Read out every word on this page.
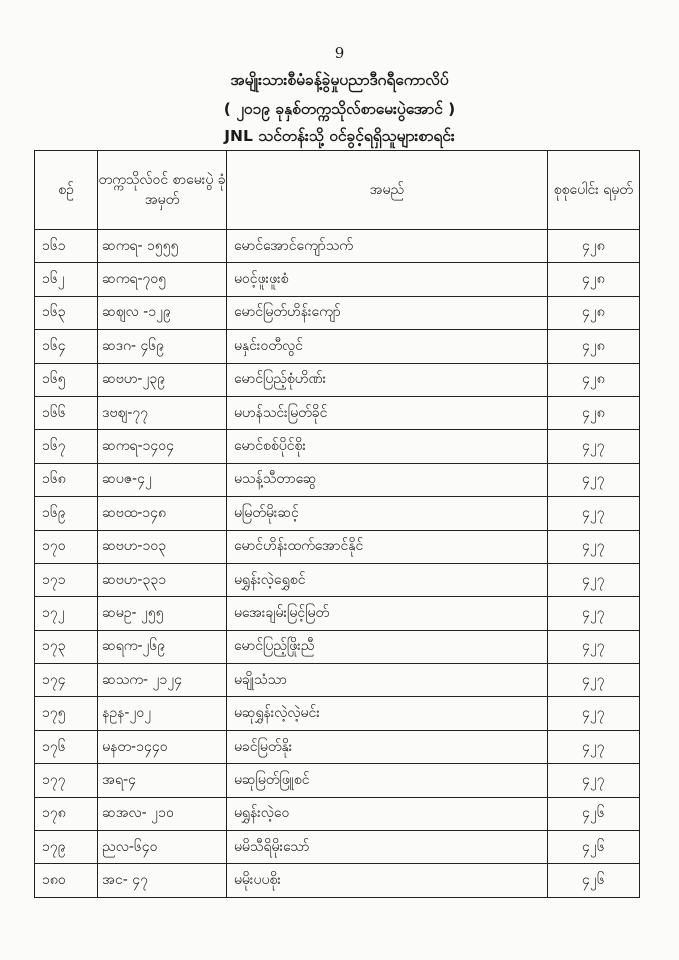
9
အမျိုးသားစီမံခန့်ခွဲမှုပညာဒီဂရီကောလိပ်
( ၂၀၁၉ ခုနှစ်တက္ကသိုလ်စာမေးပွဲအောင် )
JNL သင်တန်းသို့ ဝင်ခွင့်ရရှိသူများစာရင်း
စဉ်	တက္ကသိုလ်ဝင် စာမေးပွဲ ခုံအမှတ်	အမည်	စုစုပေါင်း ရမှတ်
၁၆၁	ဆကရ- ၁၅၅၅	မောင်အောင်ကျော်သက်	၄၂၈
၁၆၂	ဆကရ-၇၀၅	မဝင့်ဖူးဖူးစံ	၄၂၈
၁၆၃	ဆဈလ -၁၂၉	မောင်မြတ်ဟိန်းကျော်	၄၂၈
၁၆၄	ဆဒဂ- ၄၆၉	မနှင်းဝတီလွင်	၄၂၈
၁၆၅	ဆဗဟ-၂၃၉	မောင်ပြည့်စုံဟိဏ်း	၄၂၈
၁၆၆	ဒဗဈ-၇၇	မဟန်သင်းမြတ်ခိုင်	၄၂၈
၁၆၇	ဆကရ-၁၄၀၄	မောင်စစ်ပိုင်စိုး	၄၂၇
၁၆၈	ဆပဇ-၄၂	မသန့်သီတာဆွေ	၄၂၇
၁၆၉	ဆဗထ-၁၄၈	မမြတ်မိုးဆင့်	၄၂၇
၁၇၀	ဆဗဟ-၁၀၃	မောင်ဟိန်းထက်အောင်နိုင်	၄၂၇
၁၇၁	ဆဗဟ-၃၃၁	မရွှန်းလဲ့ရွှေစင်	၄၂၇
၁၇၂	ဆမဥ- ၂၅၅	မအေးချမ်းမြင့်မြတ်	၄၂၇
၁၇၃	ဆရက-၂၆၉	မောင်ပြည့်ဖြိုးညီ	၄၂၇
၁၇၄	ဆသက- ၂၁၂၄	မချိုသံသာ	၄၂၇
၁၇၅	နဥန-၂၀၂	မဆုရွှန်းလဲ့လဲ့မင်း	၄၂၇
၁၇၆	မနတ-၁၄၄၀	မခင်မြတ်နိုး	၄၂၇
၁၇၇	အရ-၄	မဆုမြတ်ဖြူစင်	၄၂၇
၁၇၈	ဆအလ- ၂၁၀	မရွှန်းလဲ့ဝေ	၄၂၆
၁၇၉	ညလ-၆၄၀	မမိသီရိမိုးသော်	၄၂၆
၁၈၀	အင- ၄၇	မမိုးပပစိုး	၄၂၆
